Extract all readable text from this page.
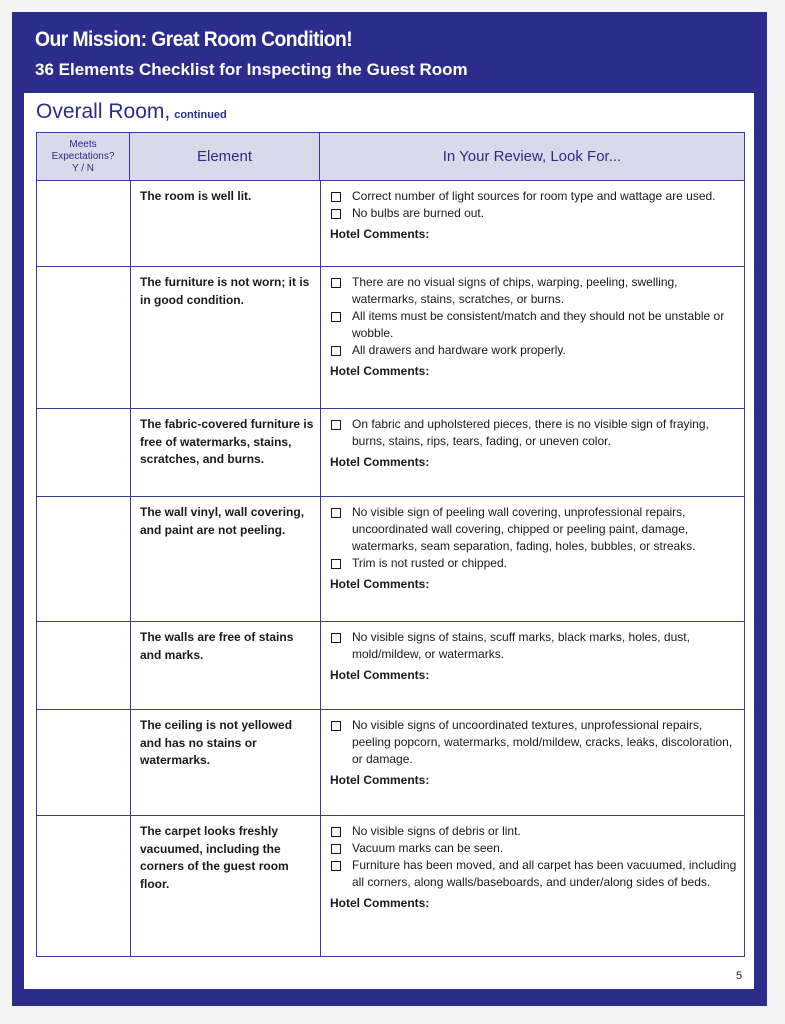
Our Mission: Great Room Condition!
36 Elements Checklist for Inspecting the Guest Room
Overall Room, continued
Meets
Expectations?
Y / N
Element	In Your Review, Look For...
The room is well lit.	Correct number of light sources for room type and wattage are used.
No bulbs are burned out.
Hotel Comments:
The furniture is not worn; it is in good condition.
There are no visual signs of chips, warping, peeling, swelling, watermarks, stains, scratches, or burns.
All items must be consistent/match and they should not be unstable or wobble.
All drawers and hardware work properly.
Hotel Comments:
The fabric-covered furniture is free of watermarks, stains, scratches, and burns.
On fabric and upholstered pieces, there is no visible sign of fraying, burns, stains, rips, tears, fading, or uneven color.
Hotel Comments:
The wall vinyl, wall covering, and paint are not peeling.
No visible sign of peeling wall covering, unprofessional repairs, uncoordinated wall covering, chipped or peeling paint, damage, watermarks, seam separation, fading, holes, bubbles, or streaks.
Trim is not rusted or chipped.
Hotel Comments:
The walls are free of stains and marks.
No visible signs of stains, scuff marks, black marks, holes, dust, mold/mildew, or watermarks.
Hotel Comments:
The ceiling is not yellowed and has no stains or watermarks.
No visible signs of uncoordinated textures, unprofessional repairs, peeling popcorn, watermarks, mold/mildew, cracks, leaks, discoloration, or damage.
Hotel Comments:
The carpet looks freshly vacuumed, including the corners of the guest room floor.
No visible signs of debris or lint.
Vacuum marks can be seen.
Furniture has been moved, and all carpet has been vacuumed, including all corners, along walls/baseboards, and under/along sides of beds.
Hotel Comments:
5
